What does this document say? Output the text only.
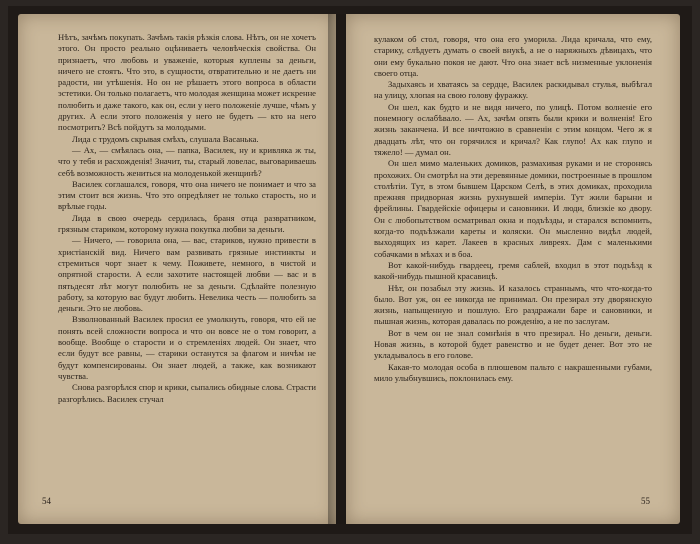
Нѣтъ, зачѣмъ покупать. Зачѣмъ такія рѣзкія слова. Нѣтъ, он не хочетъ этого. Он просто реально оцѣниваетъ человѣческія свойства. Он признаетъ, что любовь и уваженіе, которыя куплены за деньги, ничего не стоятъ. Что это, в сущности, отвратительно и не даетъ ни радости, ни утѣшенія. Но он не рѣшаетъ этого вопроса в области эстетики. Он только полагаетъ, что молодая женщина может искренне полюбить и даже такого, как он, если у него положеніе лучше, чѣмъ у других. А если этого положенія у него не будетъ — кто на него посмотритъ? Всѣ пойдутъ за молодыми.

Лида с трудомъ скрывая смѣхъ, слушала Васанька.

— Ах, — смѣялась она, — папка, Василек, ну и кривляка ж ты, что у тебя и расхожденія! Значит, ты, старый ловелас, выговариваешь себѣ возможность жениться на молоденькой женщинѣ?

Василек соглашался, говоря, что она ничего не понимает и что за этим стоит вся жизнь. Что это опредѣляет не только старость, но и врѣлые годы.

Лида в свою очередь сердилась, браня отца развратником, грязным стариком, которому нужна покупка любви за деньги.

— Ничего, — говорила она, — вас, стариков, нужно привести в христіанскій вид. Ничего вам развивать грязные инстинкты и стремиться чорт знает к чему. Поживете, немного, в чистой и опрятной старости. А если захотите настоящей любви — вас и в пятьдесят лѣт могут полюбить не за деньги. Сдѣлайте полезную работу, за которую вас будут любить. Невелика честь — полюбить за деньги. Это не любовь.

Взволнованный Василек просил ее умолкнуть, говоря, что ей не понять всей сложности вопроса и что он вовсе не о том говорит, а вообще. Вообще о старости и о стремленіях людей. Он знает, что если будут все равны, — старики останутся за флагом и ничѣм не будут компенсированы. Он знает людей, а также, как возникают чувства.

Снова разгорѣлся спор и крики, сыпались обидные слова. Страсти разгорѣлись. Василек стучал

54

кулаком об стол, говоря, что она его уморила. Лида кричала, что ему, старику, слѣдуетъ думать о своей внукѣ, а не о наряжныхъ дѣвицахъ, что они ему букально покоя не дают. Что она знает всѣ низменные уклоненія своего отца.

Задыхаясь и хватаясь за сердце, Василек раскидывал стулья, выбѣгал на улицу, хлопая на свою голову фуражку.

Он шел, как будто и не видя ничего, по улицѣ. Потом волненіе его понемногу ослабѣвало. — Ах, зачѣм опять были крики и волненія! Его жизнь заканчена. И все ничтожно в сравненіи с этим концом. Чего ж я двадцать лѣт, что он горячился и кричал? Как глупо! Ах как глупо и тяжело! — думал он.

Он шел мимо маленьких домиков, размахивая руками и не сторонясь прохожих. Он смотрѣл на эти деревянные домики, построенные в прошлом столѣтіи. Тут, в этом бывшем Царском Селѣ, в этих домиках, проходила прежняя придворная жизнь рухнувшей имперіи. Тут жили барыни и фрейлины. Гвардейскіе офицеры и сановники. И люди, близкіе ко двору. Он с любопытством осматривал окна и подъѣзды, и старался вспомнить, когда-то подъѣзжали кареты и коляски. Он мысленно видѣл людей, выходящих из карет. Лакеев в красных ливреях. Дам с маленькими собачками в мѣхах и в боа.

Вот какой-нибудь гвардеец, гремя саблей, входил в этот подъѣзд к какой-нибудь пышной красавицѣ.

Нѣт, он позабыл эту жизнь. И казалось страннымъ, что что-когда-то было. Вот уж, он ее никогда не принимал. Он презирал эту дворянскую жизнь, напыщенную и пошлую. Его раздражали баре и сановники, и пышная жизнь, которая давалась по рожденію, а не по заслугам.

Вот в чем он не знал сомнѣнія в что презирал. Но деньги, деньги. Новая жизнь, в которой будет равенство и не будет денег. Вот это не укладывалось в его голове.

Какая-то молодая особа в плюшевом пальто с накрашенными губами, мило улыбнувшись, поклонилась ему.

55
